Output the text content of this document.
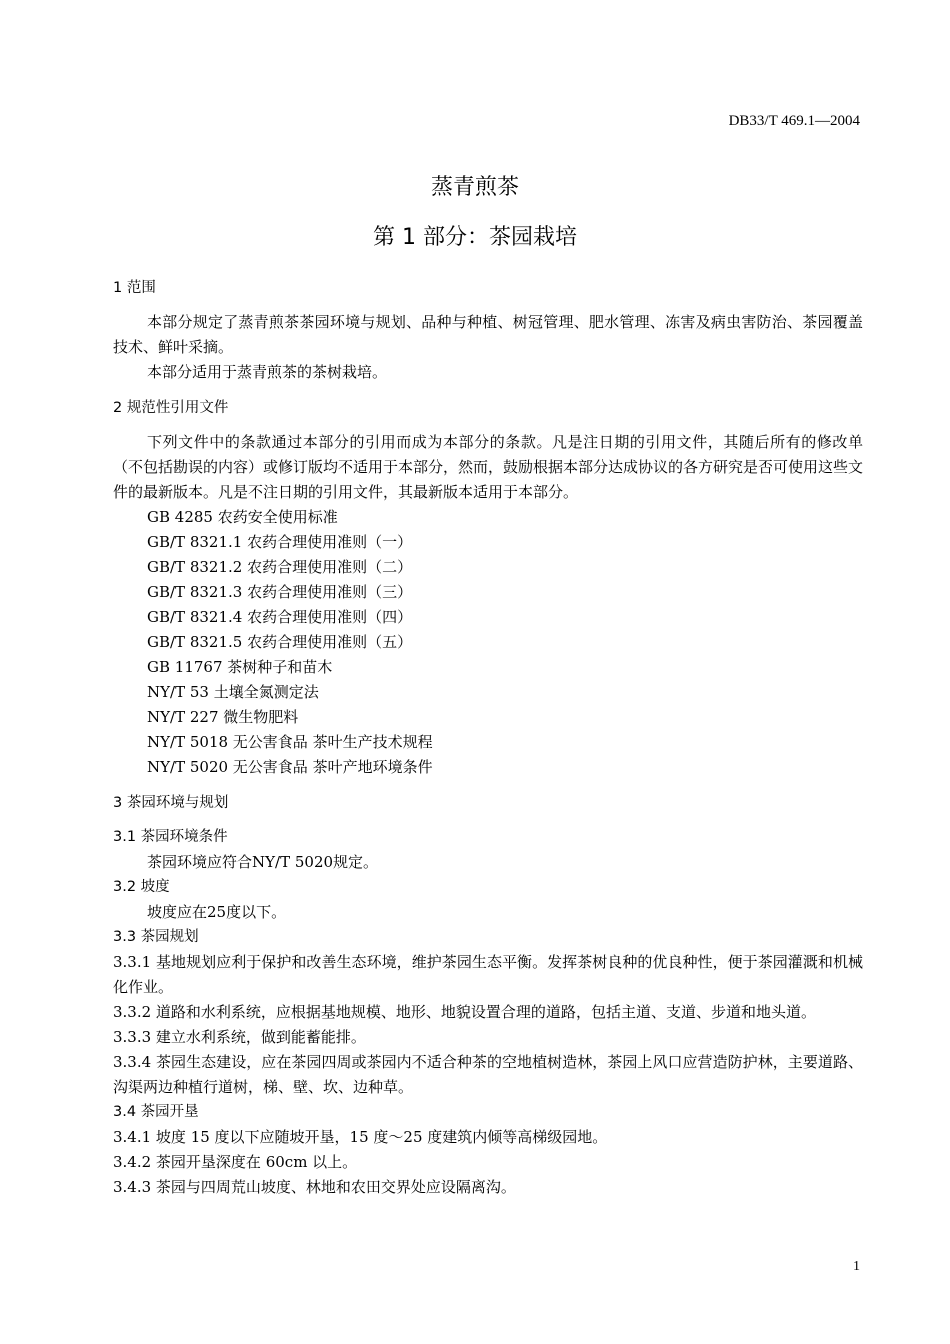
DB33/T 469.1—2004
蒸青煎茶
第 1 部分：茶园栽培

1 范围

本部分规定了蒸青煎茶茶园环境与规划、品种与种植、树冠管理、肥水管理、冻害及病虫害防治、茶园覆盖技术、鲜叶采摘。

本部分适用于蒸青煎茶的茶树栽培。

2 规范性引用文件

下列文件中的条款通过本部分的引用而成为本部分的条款。凡是注日期的引用文件，其随后所有的修改单（不包括勘误的内容）或修订版均不适用于本部分，然而，鼓励根据本部分达成协议的各方研究是否可使用这些文件的最新版本。凡是不注日期的引用文件，其最新版本适用于本部分。

GB 4285 农药安全使用标准

GB/T 8321.1 农药合理使用准则（一）

GB/T 8321.2 农药合理使用准则（二）

GB/T 8321.3 农药合理使用准则（三）

GB/T 8321.4 农药合理使用准则（四）

GB/T 8321.5 农药合理使用准则（五）

GB 11767 茶树种子和苗木

NY/T 53 土壤全氮测定法

NY/T 227 微生物肥料

NY/T 5018 无公害食品 茶叶生产技术规程

NY/T 5020 无公害食品 茶叶产地环境条件

3 茶园环境与规划

3.1 茶园环境条件

茶园环境应符合NY/T 5020规定。

3.2 坡度

坡度应在25度以下。

3.3 茶园规划

3.3.1 基地规划应利于保护和改善生态环境，维护茶园生态平衡。发挥茶树良种的优良种性，便于茶园灌溉和机械化作业。

3.3.2 道路和水利系统，应根据基地规模、地形、地貌设置合理的道路，包括主道、支道、步道和地头道。

3.3.3 建立水利系统，做到能蓄能排。

3.3.4 茶园生态建设，应在茶园四周或茶园内不适合种茶的空地植树造林，茶园上风口应营造防护林，主要道路、沟渠两边种植行道树，梯、壁、坎、边种草。

3.4 茶园开垦

3.4.1 坡度 15 度以下应随坡开垦，15 度～25 度建筑内倾等高梯级园地。

3.4.2 茶园开垦深度在 60cm 以上。

3.4.3 茶园与四周荒山坡度、林地和农田交界处应设隔离沟。

1
